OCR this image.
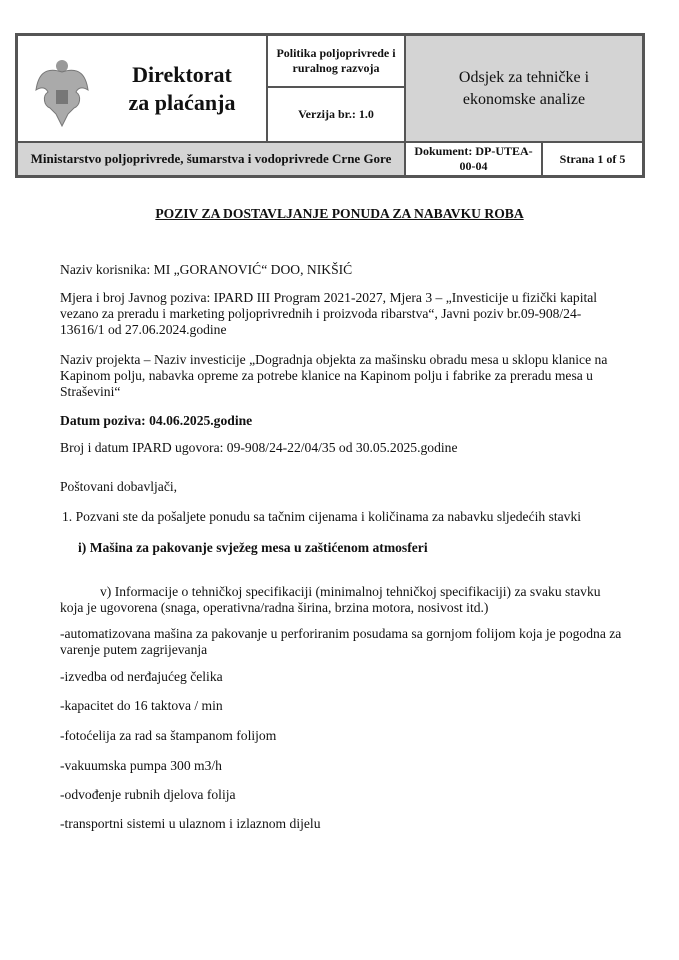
Direktorat za plaćanja
Politika poljoprivrede i ruralnog razvoja
Verzija br.: 1.0
Odsjek za tehničke i ekonomske analize
Ministarstvo poljoprivrede, šumarstva i vodoprivrede Crne Gore Dokument: DP-UTEA-00-04
Strana 1 of 5
POZIV ZA DOSTAVLJANJE PONUDA ZA NABAVKU ROBA
Naziv korisnika: MI „GORANOVIĆ“ DOO, NIKŠIĆ
Mjera i broj Javnog poziva: IPARD III Program 2021-2027, Mjera 3 – „Investicije u fizički kapital vezano za preradu i marketing poljoprivrednih i proizvoda ribarstva“, Javni poziv br.09-908/24-13616/1 od 27.06.2024.godine
Naziv projekta – Naziv investicije „Dogradnja objekta za mašinsku obradu mesa u sklopu klanice na Kapinom polju, nabavka opreme za potrebe klanice na Kapinom polju i fabrike za preradu mesa u Straševini“
Datum poziva: 04.06.2025.godine
Broj i datum IPARD ugovora: 09-908/24-22/04/35 od 30.05.2025.godine
Poštovani dobavljači,
1. Pozvani ste da pošaljete ponudu sa tačnim cijenama i količinama za nabavku sljedećih stavki
i) Mašina za pakovanje svježeg mesa u zaštićenom atmosferi
v) Informacije o tehničkoj specifikaciji (minimalnoj tehničkoj specifikaciji) za svaku stavku koja je ugovorena (snaga, operativna/radna širina, brzina motora, nosivost itd.)
-automatizovana mašina za pakovanje u perforiranim posudama sa gornjom folijom koja je pogodna za varenje putem zagrijevanja
-izvedba od nerđajućeg čelika
-kapacitet do 16 taktova / min
-fotoćelija za rad sa štampanom folijom
-vakuumska pumpa 300 m3/h
-odvođenje rubnih djelova folija
-transportni sistemi u ulaznom i izlaznom dijelu
